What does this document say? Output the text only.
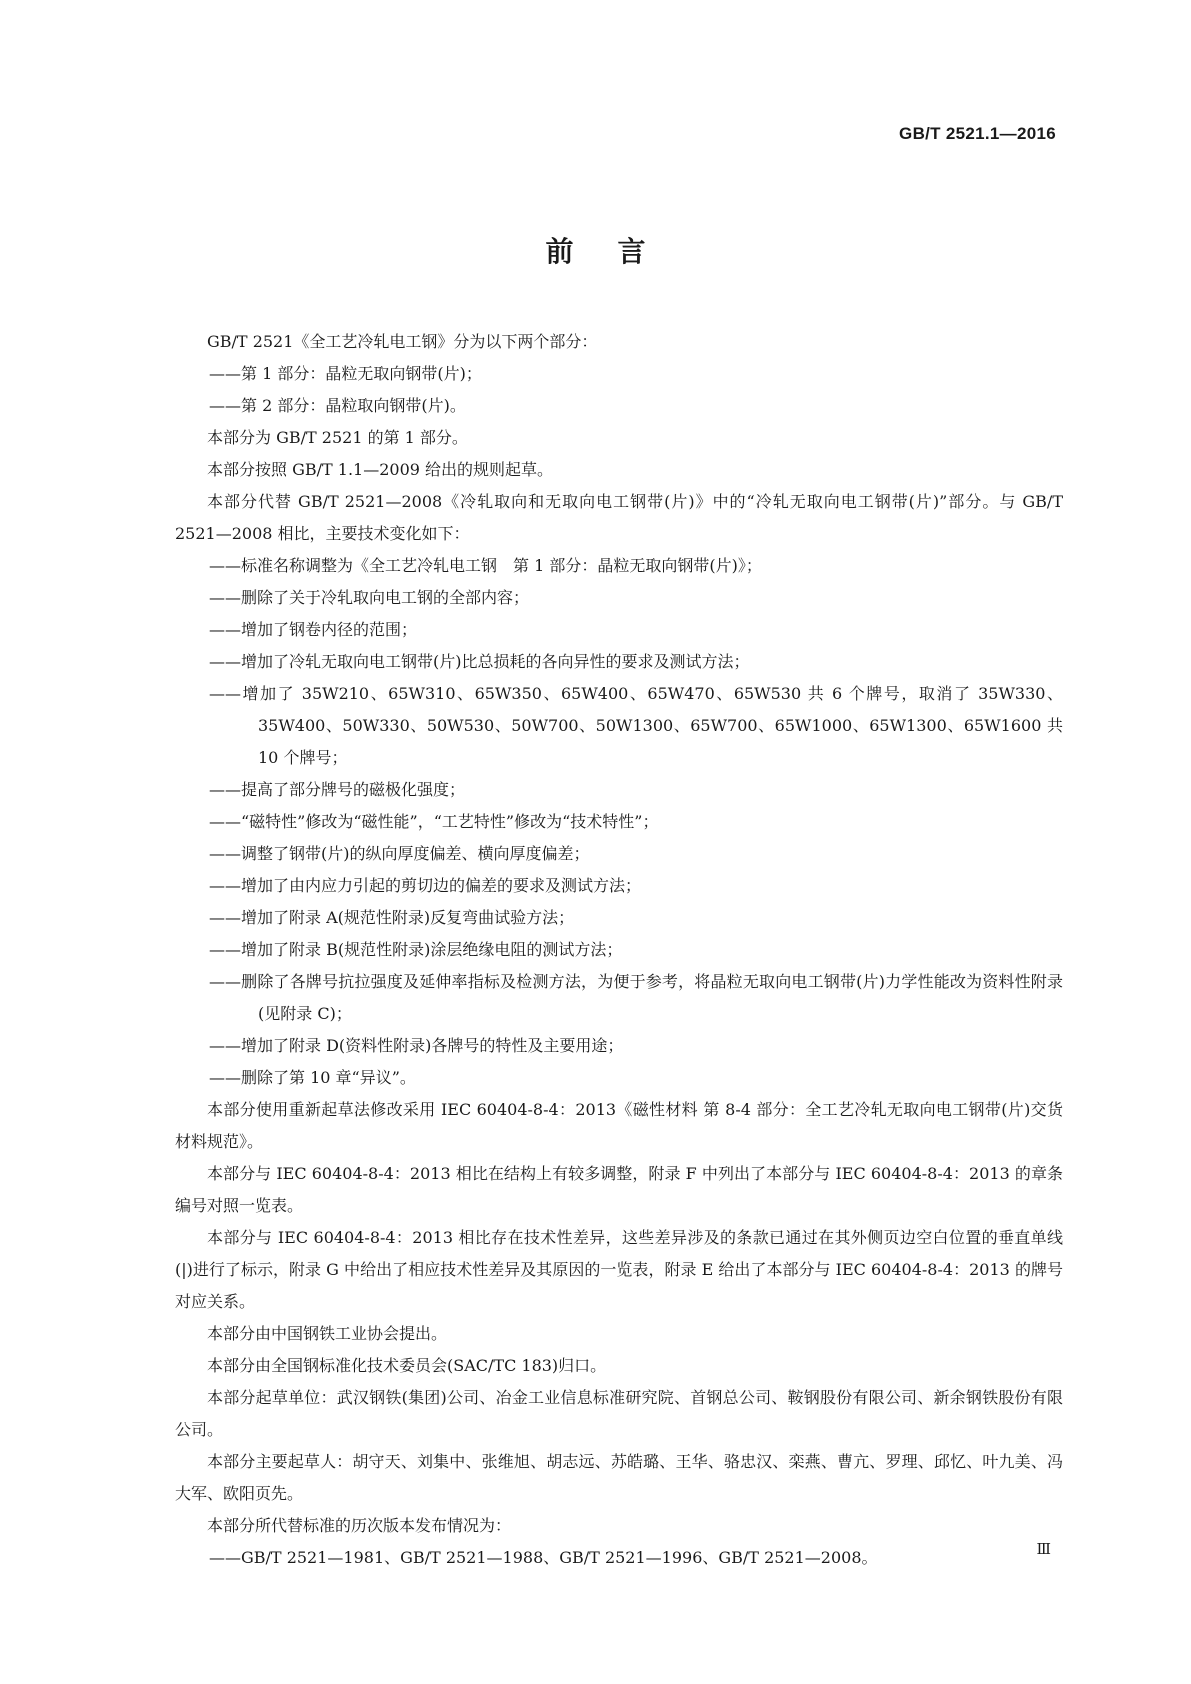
GB/T 2521.1—2016
前言

GB/T 2521《全工艺冷轧电工钢》分为以下两个部分：

——第 1 部分：晶粒无取向钢带(片)；

——第 2 部分：晶粒取向钢带(片)。

本部分为 GB/T 2521 的第 1 部分。

本部分按照 GB/T 1.1—2009 给出的规则起草。

本部分代替 GB/T 2521—2008《冷轧取向和无取向电工钢带(片)》中的“冷轧无取向电工钢带(片)”部分。与 GB/T 2521—2008 相比，主要技术变化如下：

——标准名称调整为《全工艺冷轧电工钢　第 1 部分：晶粒无取向钢带(片)》；

——删除了关于冷轧取向电工钢的全部内容；

——增加了钢卷内径的范围；

——增加了冷轧无取向电工钢带(片)比总损耗的各向异性的要求及测试方法；

——增加了 35W210、65W310、65W350、65W400、65W470、65W530 共 6 个牌号，取消了 35W330、35W400、50W330、50W530、50W700、50W1300、65W700、65W1000、65W1300、65W1600 共 10 个牌号；

——提高了部分牌号的磁极化强度；

——“磁特性”修改为“磁性能”，“工艺特性”修改为“技术特性”；

——调整了钢带(片)的纵向厚度偏差、横向厚度偏差；

——增加了由内应力引起的剪切边的偏差的要求及测试方法；

——增加了附录 A(规范性附录)反复弯曲试验方法；

——增加了附录 B(规范性附录)涂层绝缘电阻的测试方法；

——删除了各牌号抗拉强度及延伸率指标及检测方法，为便于参考，将晶粒无取向电工钢带(片)力学性能改为资料性附录(见附录 C)；

——增加了附录 D(资料性附录)各牌号的特性及主要用途；

——删除了第 10 章“异议”。

本部分使用重新起草法修改采用 IEC 60404-8-4：2013《磁性材料 第 8-4 部分：全工艺冷轧无取向电工钢带(片)交货材料规范》。

本部分与 IEC 60404-8-4：2013 相比在结构上有较多调整，附录 F 中列出了本部分与 IEC 60404-8-4：2013 的章条编号对照一览表。

本部分与 IEC 60404-8-4：2013 相比存在技术性差异，这些差异涉及的条款已通过在其外侧页边空白位置的垂直单线(|)进行了标示，附录 G 中给出了相应技术性差异及其原因的一览表，附录 E 给出了本部分与 IEC 60404-8-4：2013 的牌号对应关系。

本部分由中国钢铁工业协会提出。

本部分由全国钢标准化技术委员会(SAC/TC 183)归口。

本部分起草单位：武汉钢铁(集团)公司、冶金工业信息标准研究院、首钢总公司、鞍钢股份有限公司、新余钢铁股份有限公司。

本部分主要起草人：胡守天、刘集中、张维旭、胡志远、苏皓璐、王华、骆忠汉、栾燕、曹亢、罗理、邱忆、叶九美、冯大军、欧阳页先。

本部分所代替标准的历次版本发布情况为：

——GB/T 2521—1981、GB/T 2521—1988、GB/T 2521—1996、GB/T 2521—2008。	Ⅲ
